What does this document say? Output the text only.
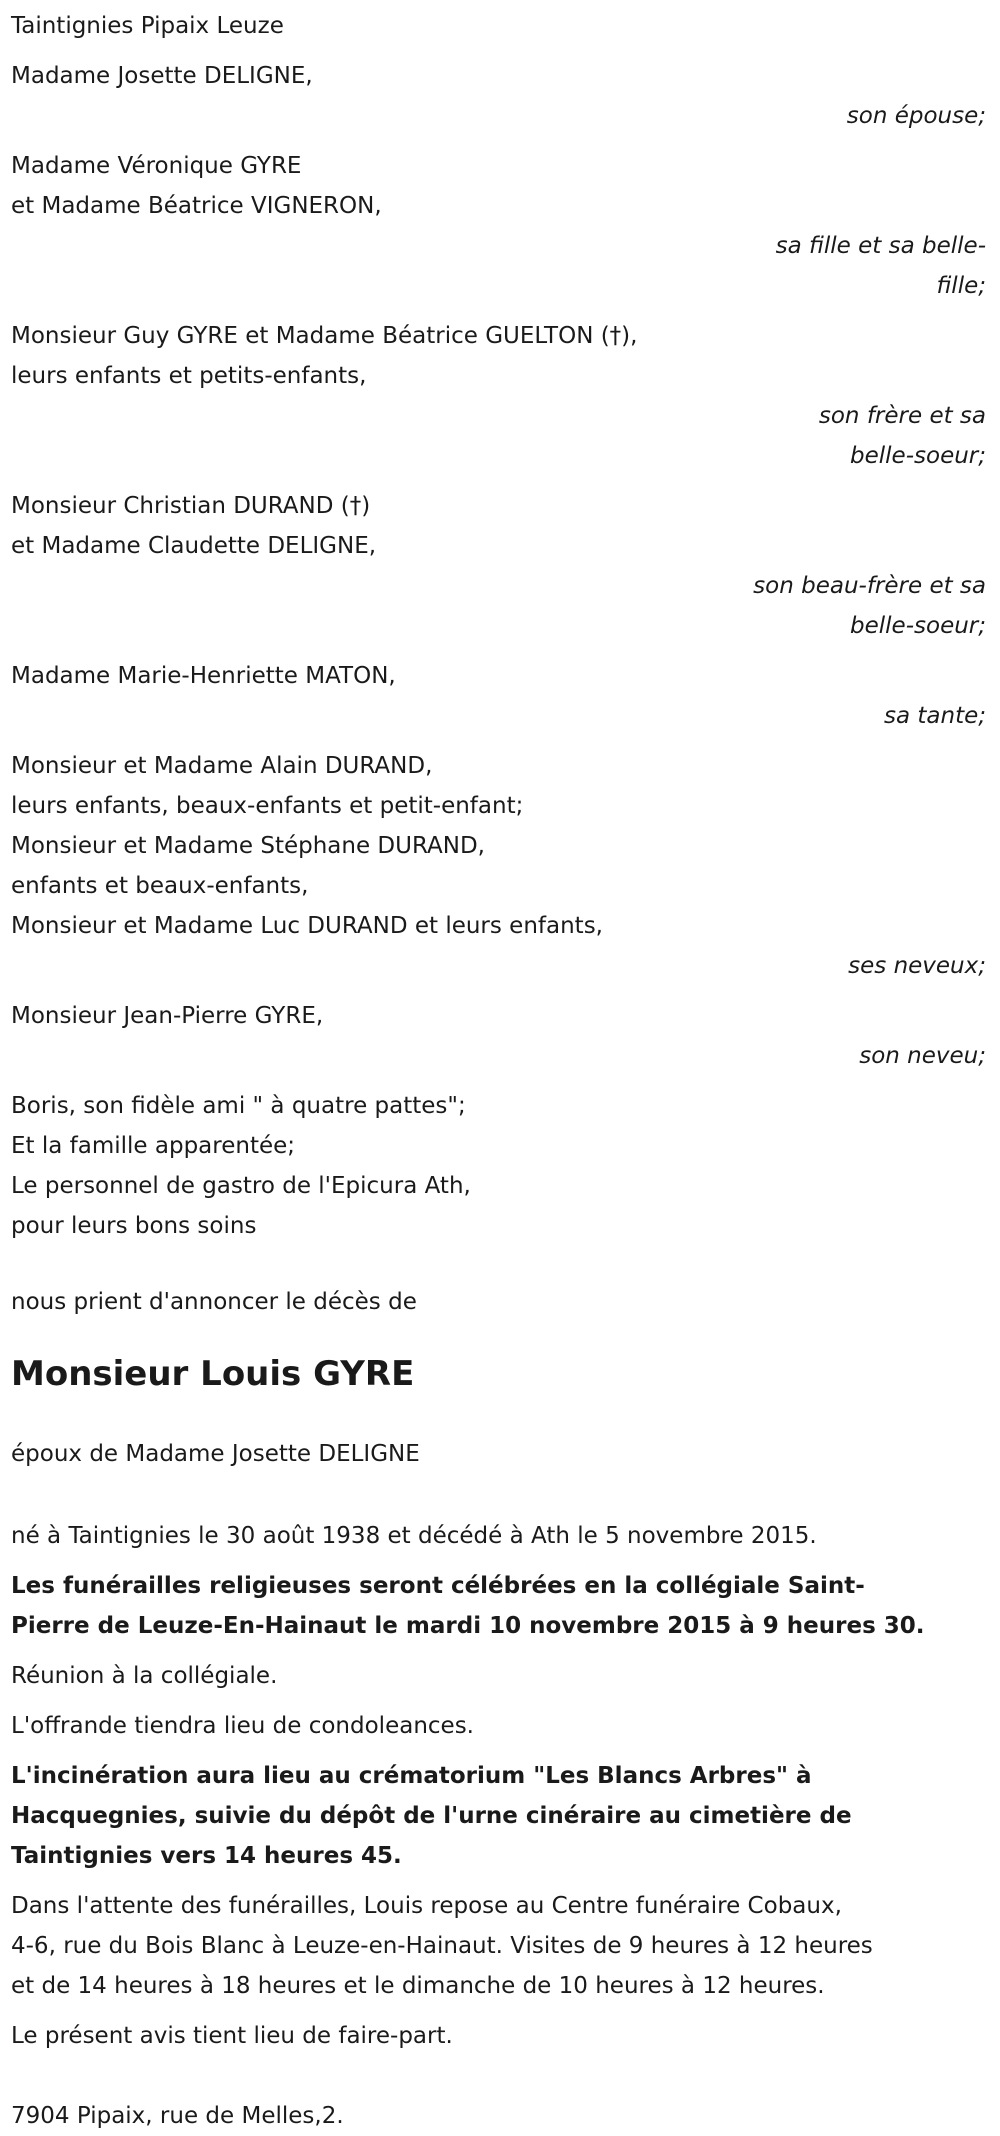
Taintignies Pipaix Leuze
Madame Josette DELIGNE,
son épouse;
Madame Véronique GYRE
et Madame Béatrice VIGNERON,
sa fille et sa belle-
fille;
Monsieur Guy GYRE et Madame Béatrice GUELTON (†),
leurs enfants et petits-enfants,
son frère et sa
belle-soeur;
Monsieur Christian DURAND (†)
et Madame Claudette DELIGNE,
son beau-frère et sa
belle-soeur;
Madame Marie-Henriette MATON,
sa tante;
Monsieur et Madame Alain DURAND,
leurs enfants, beaux-enfants et petit-enfant;
Monsieur et Madame Stéphane DURAND,
enfants et beaux-enfants,
Monsieur et Madame Luc DURAND et leurs enfants,
ses neveux;
Monsieur Jean-Pierre GYRE,
son neveu;
Boris, son fidèle ami " à quatre pattes";
Et la famille apparentée;
Le personnel de gastro de l'Epicura Ath,
pour leurs bons soins
nous prient d'annoncer le décès de
Monsieur Louis GYRE
époux de Madame Josette DELIGNE
né à Taintignies le 30 août 1938 et décédé à Ath le 5 novembre 2015.
Les funérailles religieuses seront célébrées en la collégiale Saint-
Pierre de Leuze-En-Hainaut le mardi 10 novembre 2015 à 9 heures 30.
Réunion à la collégiale.
L'offrande tiendra lieu de condoleances.
L'incinération aura lieu au crématorium "Les Blancs Arbres" à
Hacquegnies, suivie du dépôt de l'urne cinéraire au cimetière de
Taintignies vers 14 heures 45.
Dans l'attente des funérailles, Louis repose au Centre funéraire Cobaux,
4-6, rue du Bois Blanc à Leuze-en-Hainaut. Visites de 9 heures à 12 heures
et de 14 heures à 18 heures et le dimanche de 10 heures à 12 heures.
Le présent avis tient lieu de faire-part.
7904 Pipaix, rue de Melles,2.
